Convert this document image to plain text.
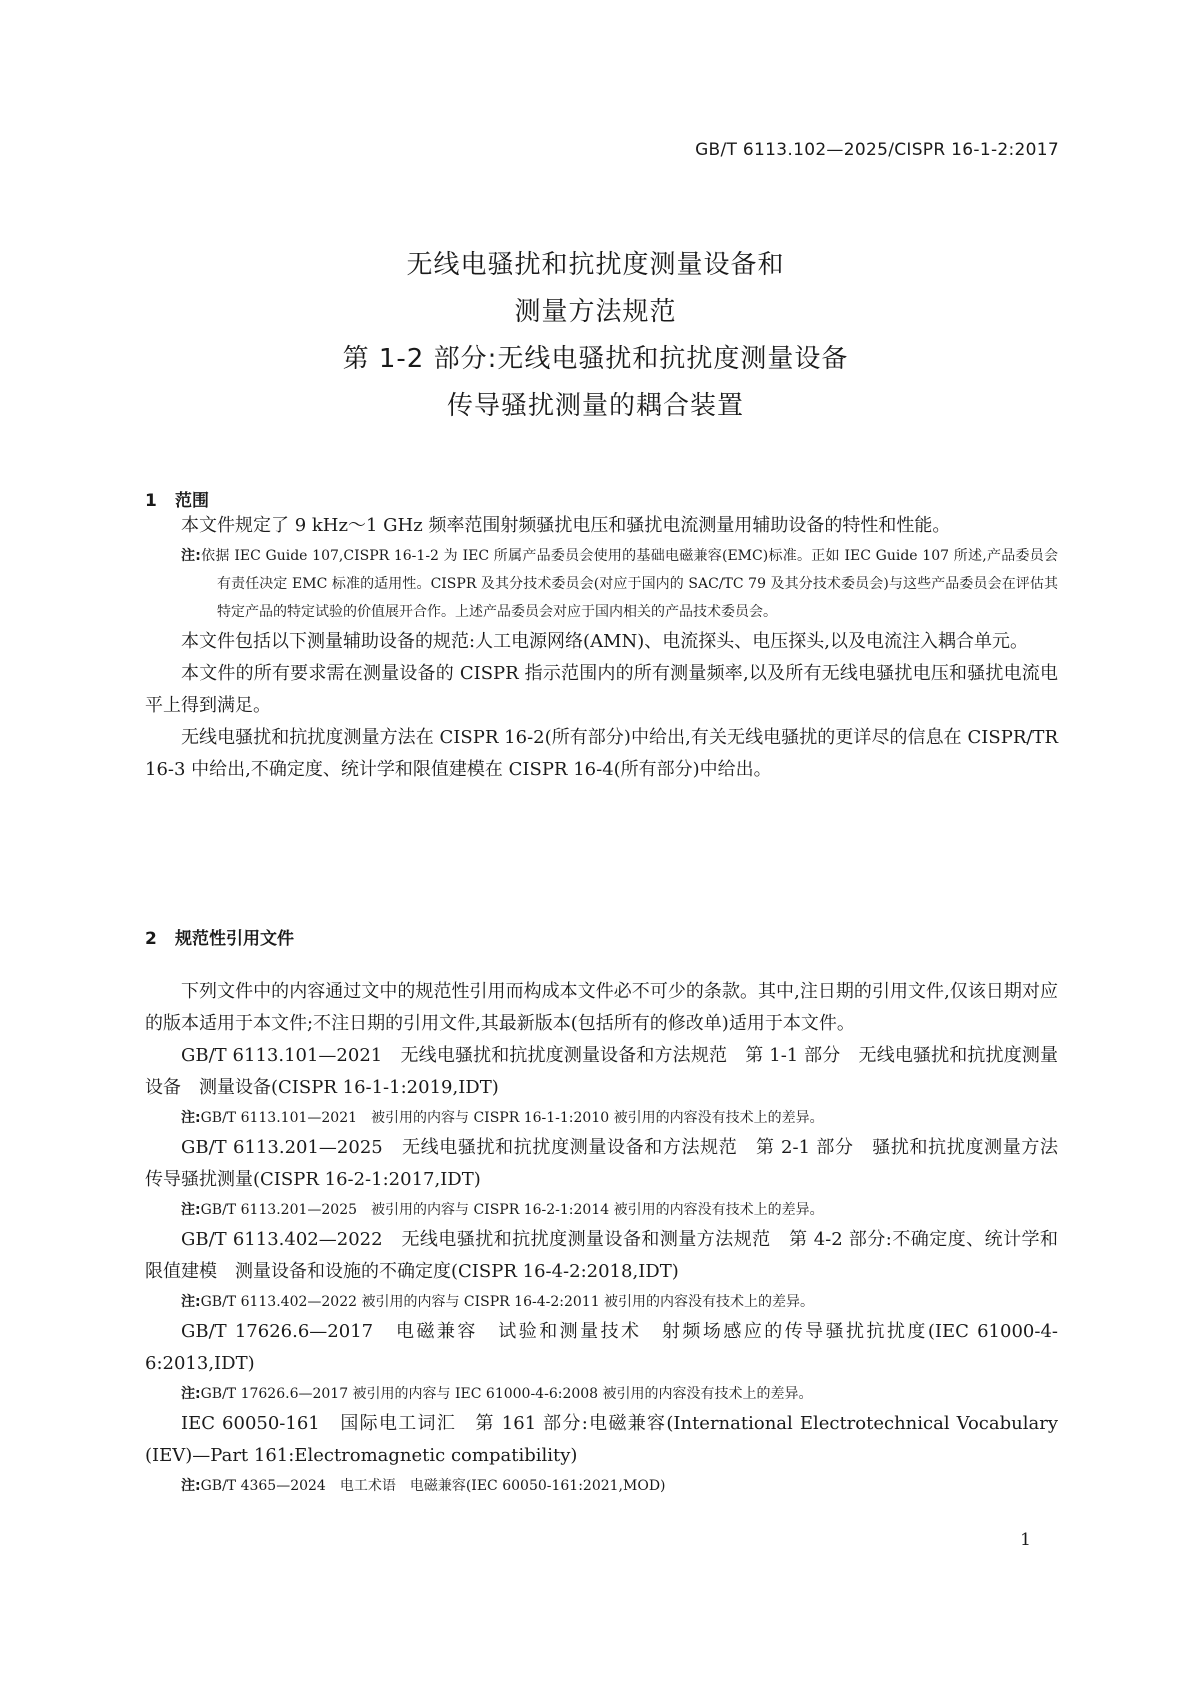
GB/T 6113.102—2025/CISPR 16-1-2:2017
无线电骚扰和抗扰度测量设备和
测量方法规范
第 1-2 部分:无线电骚扰和抗扰度测量设备
传导骚扰测量的耦合装置
1 范围

本文件规定了 9 kHz～1 GHz 频率范围射频骚扰电压和骚扰电流测量用辅助设备的特性和性能。

注:依据 IEC Guide 107,CISPR 16-1-2 为 IEC 所属产品委员会使用的基础电磁兼容(EMC)标准。正如 IEC Guide 107 所述,产品委员会有责任决定 EMC 标准的适用性。CISPR 及其分技术委员会(对应于国内的 SAC/TC 79 及其分技术委员会)与这些产品委员会在评估其特定产品的特定试验的价值展开合作。上述产品委员会对应于国内相关的产品技术委员会。

本文件包括以下测量辅助设备的规范:人工电源网络(AMN)、电流探头、电压探头,以及电流注入耦合单元。

本文件的所有要求需在测量设备的 CISPR 指示范围内的所有测量频率,以及所有无线电骚扰电压和骚扰电流电平上得到满足。

无线电骚扰和抗扰度测量方法在 CISPR 16-2(所有部分)中给出,有关无线电骚扰的更详尽的信息在 CISPR/TR 16-3 中给出,不确定度、统计学和限值建模在 CISPR 16-4(所有部分)中给出。

2 规范性引用文件

下列文件中的内容通过文中的规范性引用而构成本文件必不可少的条款。其中,注日期的引用文件,仅该日期对应的版本适用于本文件;不注日期的引用文件,其最新版本(包括所有的修改单)适用于本文件。

GB/T 6113.101—2021　无线电骚扰和抗扰度测量设备和方法规范　第 1-1 部分　无线电骚扰和抗扰度测量设备　测量设备(CISPR 16-1-1:2019,IDT)

注:GB/T 6113.101—2021　被引用的内容与 CISPR 16-1-1:2010 被引用的内容没有技术上的差异。

GB/T 6113.201—2025　无线电骚扰和抗扰度测量设备和方法规范　第 2-1 部分　骚扰和抗扰度测量方法　传导骚扰测量(CISPR 16-2-1:2017,IDT)

注:GB/T 6113.201—2025　被引用的内容与 CISPR 16-2-1:2014 被引用的内容没有技术上的差异。

GB/T 6113.402—2022　无线电骚扰和抗扰度测量设备和测量方法规范　第 4-2 部分:不确定度、统计学和限值建模　测量设备和设施的不确定度(CISPR 16-4-2:2018,IDT)

注:GB/T 6113.402—2022 被引用的内容与 CISPR 16-4-2:2011 被引用的内容没有技术上的差异。

GB/T 17626.6—2017　电磁兼容　试验和测量技术　射频场感应的传导骚扰抗扰度(IEC 61000-4-6:2013,IDT)

注:GB/T 17626.6—2017 被引用的内容与 IEC 61000-4-6:2008 被引用的内容没有技术上的差异。

IEC 60050-161　国际电工词汇　第 161 部分:电磁兼容(International Electrotechnical Vocabulary (IEV)—Part 161:Electromagnetic compatibility)

注:GB/T 4365—2024　电工术语　电磁兼容(IEC 60050-161:2021,MOD)

1
